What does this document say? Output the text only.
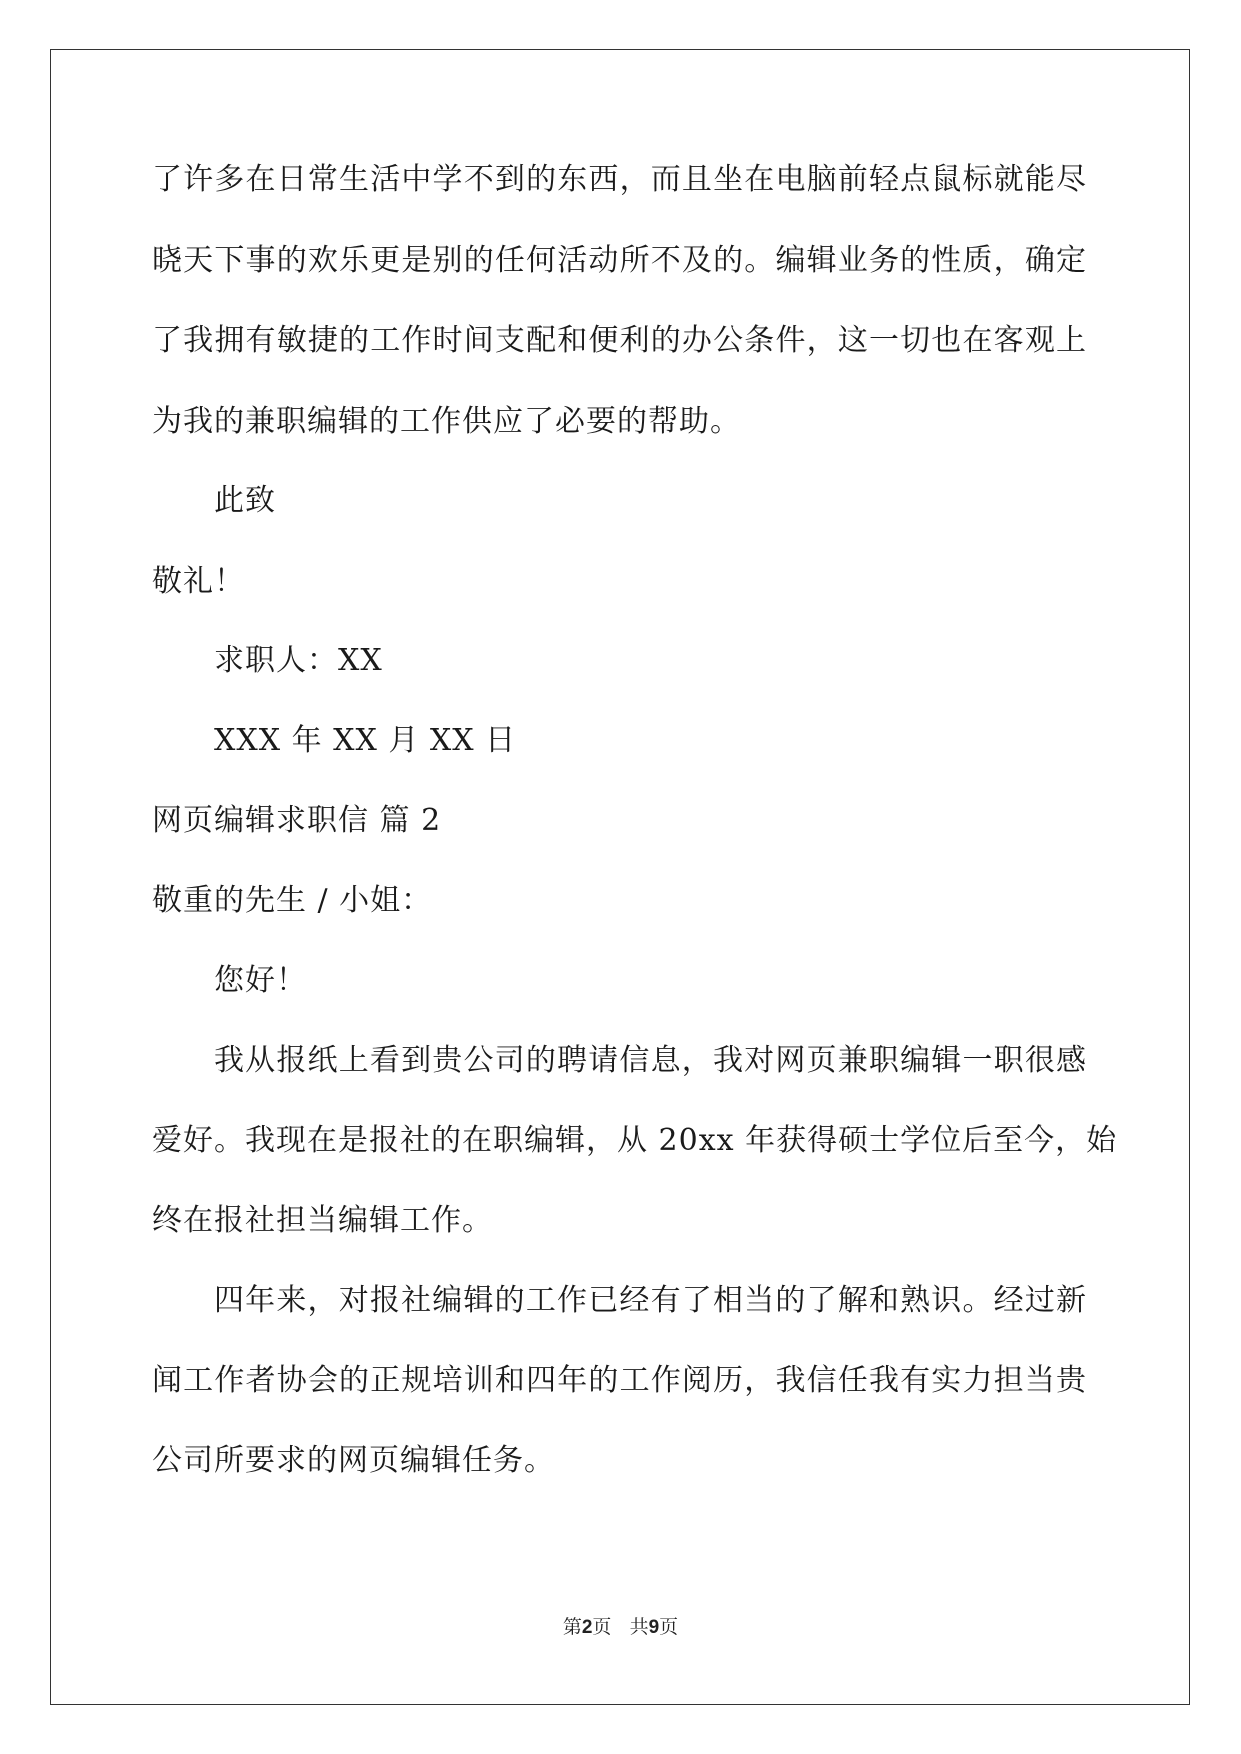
了许多在日常生活中学不到的东西，而且坐在电脑前轻点鼠标就能尽
晓天下事的欢乐更是别的任何活动所不及的。编辑业务的性质，确定
了我拥有敏捷的工作时间支配和便利的办公条件，这一切也在客观上
为我的兼职编辑的工作供应了必要的帮助。
此致
敬礼！
求职人：XX
XXX 年 XX 月 XX 日
网页编辑求职信 篇 2
敬重的先生 / 小姐：
您好！
我从报纸上看到贵公司的聘请信息，我对网页兼职编辑一职很感
爱好。我现在是报社的在职编辑，从 20xx 年获得硕士学位后至今，始
终在报社担当编辑工作。
四年来，对报社编辑的工作已经有了相当的了解和熟识。经过新
闻工作者协会的正规培训和四年的工作阅历，我信任我有实力担当贵
公司所要求的网页编辑任务。
第2页 共9页
